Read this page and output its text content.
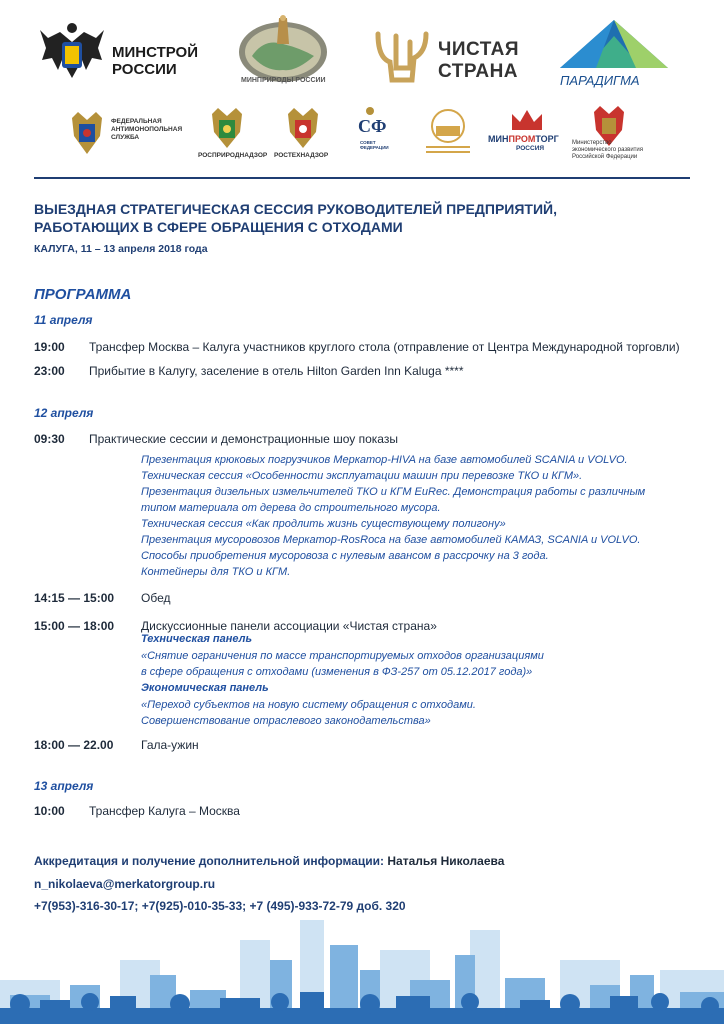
МИНСТРОЙ
РОССИИ
МИНПРИРОДЫ РОССИИ
ЧИСТАЯ
СТРАНА	ПАРАДИГМА
ФЕДЕРАЛЬНАЯ
АНТИМОНОПОЛЬНАЯ
СЛУЖБА
РОСПРИРОДНАДЗОР РОСТЕХНАДЗОР
СФ
СОВЕТ
ФЕДЕРАЦИИ
ДУМА
МИНПРОМТОРГ
РОССИЯ
Министерство
экономического развития
Российской Федерации
ВЫЕЗДНАЯ СТРАТЕГИЧЕСКАЯ СЕССИЯ РУКОВОДИТЕЛЕЙ ПРЕДПРИЯТИЙ,
РАБОТАЮЩИХ В СФЕРЕ ОБРАЩЕНИЯ С ОТХОДАМИ
КАЛУГА, 11 – 13 апреля 2018 года
ПРОГРАММА
11 апреля
19:00 Трансфер Москва – Калуга участников круглого стола (отправление от Центра Международной торговли)
23:00 Прибытие в Калугу, заселение в отель Hilton Garden Inn Kaluga ****
12 апреля
09:30 Практические сессии и демонстрационные шоу показы
Презентация крюковых погрузчиков Меркатор-HIVA на базе автомобилей SCANIA и VOLVO.
Техническая сессия «Особенности эксплуатации машин при перевозке ТКО и КГМ».
Презентация дизельных измельчителей ТКО и КГМ EuRec. Демонстрация работы с различным
типом материала от дерева до строительного мусора.
Техническая сессия «Как продлить жизнь существующему полигону»
Презентация мусоровозов Меркатор-RosRoca на базе автомобилей КАМАЗ, SCANIA и VOLVO.
Способы приобретения мусоровоза с нулевым авансом в рассрочку на 3 года.
Контейнеры для ТКО и КГМ.
14:15 — 15:00 Обед
15:00 — 18:00 Дискуссионные панели ассоциации «Чистая страна»
Техническая панель
«Снятие ограничения по массе транспортируемых отходов организациями
в сфере обращения с отходами (изменения в ФЗ-257 от 05.12.2017 года)»
Экономическая панель
«Переход субъектов на новую систему обращения с отходами.
Совершенствование отраслевого законодательства»
18:00 — 22.00 Гала-ужин
13 апреля
10:00 Трансфер Калуга – Москва
Аккредитация и получение дополнительной информации: Наталья Николаева
n_nikolaeva@merkatorgroup.ru
+7(953)-316-30-17; +7(925)-010-35-33; +7 (495)-933-72-79 доб. 320
